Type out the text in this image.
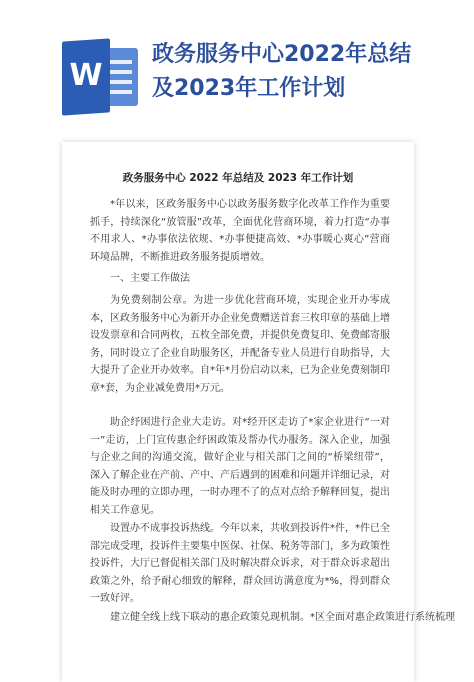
W
政务服务中心2022年总结
及2023年工作计划
政务服务中心 2022 年总结及 2023 年工作计划
*年以来，区政务服务中心以政务服务数字化改革工作作为重要抓手，持续深化“放管服”改革，全面优化营商环境，着力打造“办事不用求人、*办事依法依规、*办事便捷高效、*办事暖心爽心”营商环境品牌，不断推进政务服务提质增效。
一、主要工作做法
为免费刻制公章。为进一步优化营商环境，实现企业开办零成本，区政务服务中心为新开办企业免费赠送首套三枚印章的基础上增设发票章和合同两枚，五枚全部免费，并提供免费复印、免费邮寄服务，同时设立了企业自助服务区，并配备专业人员进行自助指导，大大提升了企业开办效率。自*年*月份启动以来，已为企业免费刻制印章*套，为企业减免费用*万元。
助企纾困进行企业大走访。对*经开区走访了*家企业进行“一对一”走访，上门宣传惠企纾困政策及帮办代办服务。深入企业，加强与企业之间的沟通交流，做好企业与相关部门之间的“桥梁纽带”，深入了解企业在产前、产中、产后遇到的困难和问题并详细记录，对能及时办理的立即办理，一时办理不了的点对点给予解释回复，提出相关工作意见。
设置办不成事投诉热线。今年以来，共收到投诉件*件，*件已全部完成受理，投诉件主要集中医保、社保、税务等部门，多为政策性投诉件，大厅已督促相关部门及时解决群众诉求，对于群众诉求超出政策之外，给予耐心细致的解释，群众回访满意度为*%，得到群众一致好评。
建立健全线上线下联动的惠企政策兑现机制。*区全面对惠企政策进行系统梳理
